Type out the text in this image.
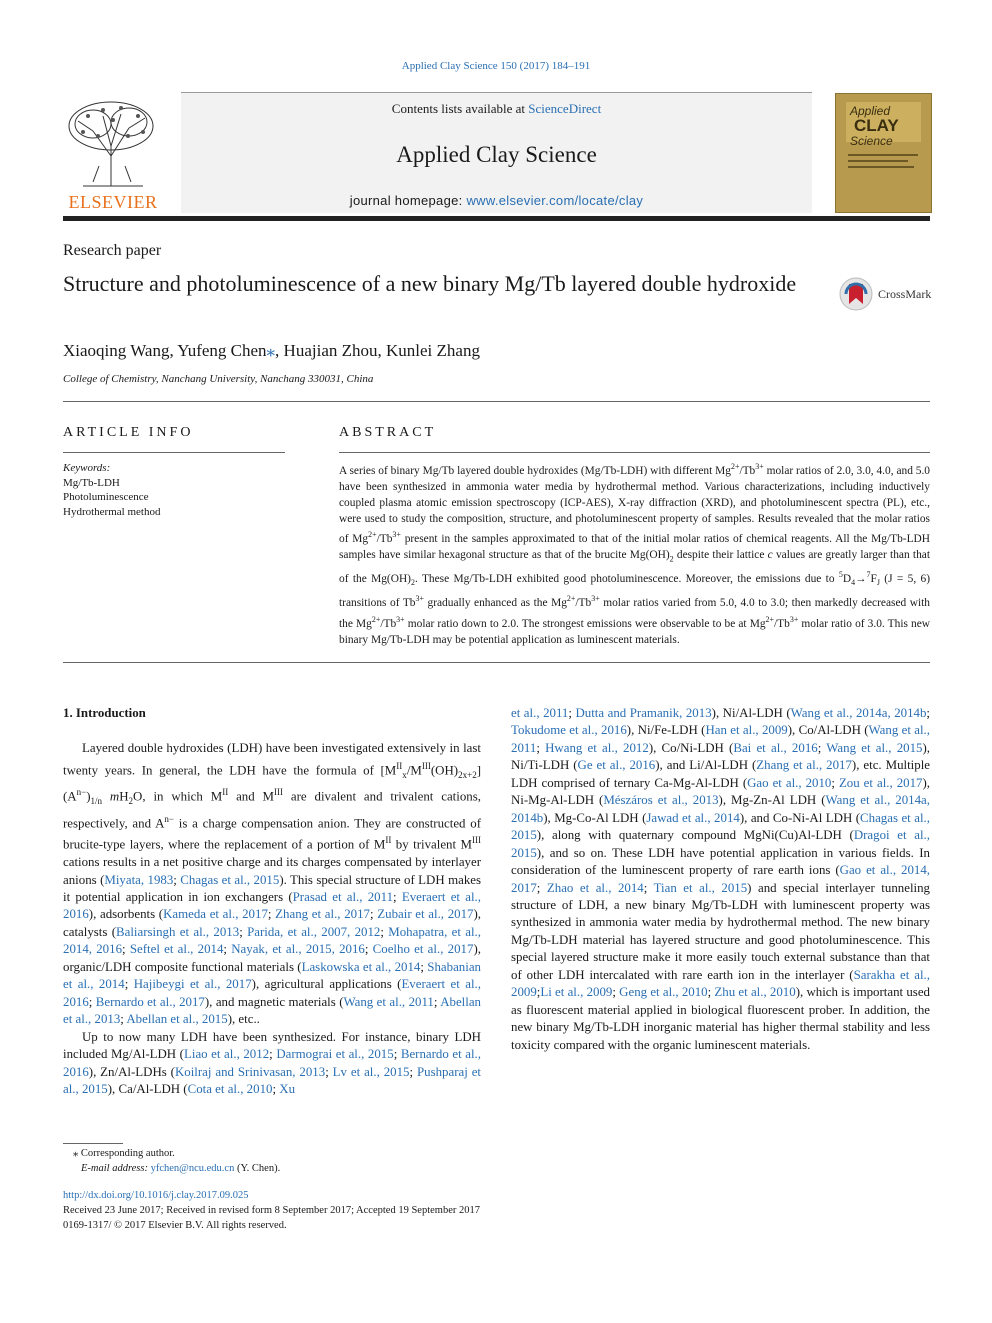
Applied Clay Science 150 (2017) 184–191
Contents lists available at ScienceDirect
Applied Clay Science
journal homepage: www.elsevier.com/locate/clay
ELSEVIER
Applied
CLAY
Science
Research paper
Structure and photoluminescence of a new binary Mg/Tb layered double hydroxide	CrossMark
Xiaoqing Wang, Yufeng Chen⁎, Huajian Zhou, Kunlei Zhang
College of Chemistry, Nanchang University, Nanchang 330031, China
ARTICLE INFO	ABSTRACT
Keywords:
Mg/Tb-LDH
Photoluminescence
Hydrothermal method
A series of binary Mg/Tb layered double hydroxides (Mg/Tb-LDH) with different $Mg^{2+}/Tb^{3+}$ molar ratios of 2.0, 3.0, 4.0, and 5.0 have been synthesized in ammonia water media by hydrothermal method. Various characterizations, including inductively coupled plasma atomic emission spectroscopy (ICP-AES), X-ray diffraction (XRD), and photoluminescent spectra (PL), etc., were used to study the composition, structure, and photoluminescent property of samples. Results revealed that the molar ratios of $Mg^{2+}/Tb^{3+}$ present in the samples approximated to that of the initial molar ratios of chemical reagents. All the Mg/Tb-LDH samples have similar hexagonal structure as that of the brucite $Mg(OH)_2$ despite their lattice c values are greatly larger than that of the $Mg(OH)_2$. These Mg/Tb-LDH exhibited good photoluminescence. Moreover, the emissions due to $^5D_4\to^7F_J$ (J = 5, 6) transitions of $Tb^{3+}$ gradually enhanced as the $Mg^{2+}/Tb^{3+}$ molar ratios varied from 5.0, 4.0 to 3.0; then markedly decreased with the $Mg^{2+}/Tb^{3+}$ molar ratio down to 2.0. The strongest emissions were observable to be at $Mg^{2+}/Tb^{3+}$ molar ratio of 3.0. This new binary Mg/Tb-LDH may be potential application as luminescent materials.
1. Introduction

Layered double hydroxides (LDH) have been investigated extensively in last twenty years. In general, the LDH have the formula of $[M^{II}_x/M^{III}(OH)_{2x+2}](A^{n-})_{1/n}$ $mH_2O$, in which $M^{II}$ and $M^{III}$ are divalent and trivalent cations, respectively, and $A^{n-}$ is a charge compensation anion. They are constructed of brucite-type layers, where the replacement of a portion of $M^{II}$ by trivalent $M^{III}$ cations results in a net positive charge and its charges compensated by interlayer anions (Miyata, 1983; Chagas et al., 2015). This special structure of LDH makes it potential application in ion exchangers (Prasad et al., 2011; Everaert et al., 2016), adsorbents (Kameda et al., 2017; Zhang et al., 2017; Zubair et al., 2017), catalysts (Baliarsingh et al., 2013; Parida, et al., 2007, 2012; Mohapatra, et al., 2014, 2016; Seftel et al., 2014; Nayak, et al., 2015, 2016; Coelho et al., 2017), organic/LDH composite functional materials (Laskowska et al., 2014; Shabanian et al., 2014; Hajibeygi et al., 2017), agricultural applications (Everaert et al., 2016; Bernardo et al., 2017), and magnetic materials (Wang et al., 2011; Abellan et al., 2013; Abellan et al., 2015), etc..

Up to now many LDH have been synthesized. For instance, binary LDH included Mg/Al-LDH (Liao et al., 2012; Darmograi et al., 2015; Bernardo et al., 2016), Zn/Al-LDHs (Koilraj and Srinivasan, 2013; Lv et al., 2015; Pushparaj et al., 2015), Ca/Al-LDH (Cota et al., 2010; Xu

et al., 2011; Dutta and Pramanik, 2013), Ni/Al-LDH (Wang et al., 2014a, 2014b; Tokudome et al., 2016), Ni/Fe-LDH (Han et al., 2009), Co/Al-LDH (Wang et al., 2011; Hwang et al., 2012), Co/Ni-LDH (Bai et al., 2016; Wang et al., 2015), Ni/Ti-LDH (Ge et al., 2016), and Li/Al-LDH (Zhang et al., 2017), etc. Multiple LDH comprised of ternary Ca-Mg-Al-LDH (Gao et al., 2010; Zou et al., 2017), Ni-Mg-Al-LDH (Mészáros et al., 2013), Mg-Zn-Al LDH (Wang et al., 2014a, 2014b), Mg-Co-Al LDH (Jawad et al., 2014), and Co-Ni-Al LDH (Chagas et al., 2015), along with quaternary compound MgNi(Cu)Al-LDH (Dragoi et al., 2015), and so on. These LDH have potential application in various fields. In consideration of the luminescent property of rare earth ions (Gao et al., 2014, 2017; Zhao et al., 2014; Tian et al., 2015) and special interlayer tunneling structure of LDH, a new binary Mg/Tb-LDH with luminescent property was synthesized in ammonia water media by hydrothermal method. The new binary Mg/Tb-LDH material has layered structure and good photoluminescence. This special layered structure make it more easily touch external substance than that of other LDH intercalated with rare earth ion in the interlayer (Sarakha et al., 2009;Li et al., 2009; Geng et al., 2010; Zhu et al., 2010), which is important used as fluorescent material applied in biological fluorescent prober. In addition, the new binary Mg/Tb-LDH inorganic material has higher thermal stability and less toxicity compared with the organic luminescent materials.

⁎ Corresponding author.
E-mail address: yfchen@ncu.edu.cn (Y. Chen).
http://dx.doi.org/10.1016/j.clay.2017.09.025
Received 23 June 2017; Received in revised form 8 September 2017; Accepted 19 September 2017
0169-1317/ © 2017 Elsevier B.V. All rights reserved.
